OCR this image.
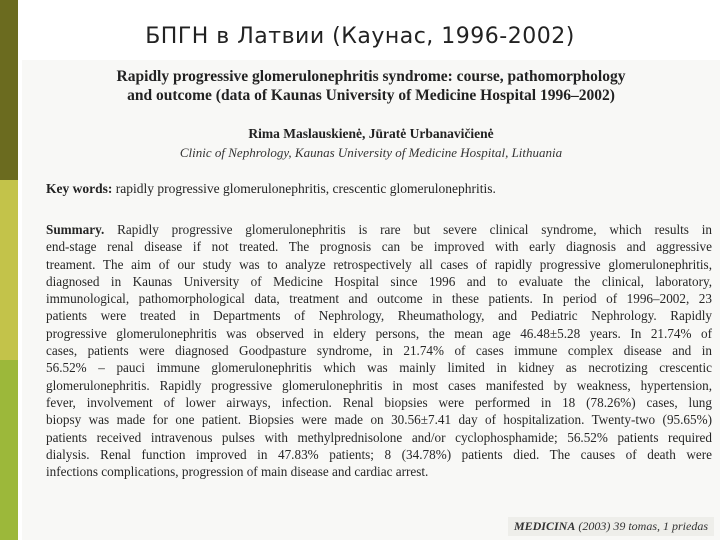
БПГН в Латвии (Каунас, 1996-2002)
Rapidly progressive glomerulonephritis syndrome: course, pathomorphology
and outcome (data of Kaunas University of Medicine Hospital 1996–2002)
Rima Maslauskienė, Jūratė Urbanavičienė
Clinic of Nephrology, Kaunas University of Medicine Hospital, Lithuania
Key words: rapidly progressive glomerulonephritis, crescentic glomerulonephritis.
Summary. Rapidly progressive glomerulonephritis is rare but severe clinical syndrome, which results in
end-stage renal disease if not treated. The prognosis can be improved with early diagnosis and aggressive
treament. The aim of our study was to analyze retrospectively all cases of rapidly progressive glomerulonephritis,
diagnosed in Kaunas University of Medicine Hospital since 1996 and to evaluate the clinical, laboratory,
immunological, pathomorphological data, treatment and outcome in these patients. In period of 1996–2002, 23
patients were treated in Departments of Nephrology, Rheumathology, and Pediatric Nephrology. Rapidly
progressive glomerulonephritis was observed in eldery persons, the mean age 46.48±5.28 years. In 21.74% of
cases, patients were diagnosed Goodpasture syndrome, in 21.74% of cases immune complex disease and in
56.52% – pauci immune glomerulonephritis which was mainly limited in kidney as necrotizing crescentic
glomerulonephritis. Rapidly progressive glomerulonephritis in most cases manifested by weakness, hypertension,
fever, involvement of lower airways, infection. Renal biopsies were performed in 18 (78.26%) cases, lung
biopsy was made for one patient. Biopsies were made on 30.56±7.41 day of hospitalization. Twenty-two (95.65%)
patients received intravenous pulses with methylprednisolone and/or cyclophosphamide; 56.52% patients required
dialysis. Renal function improved in 47.83% patients; 8 (34.78%) patients died. The causes of death were
infections complications, progression of main disease and cardiac arrest.
MEDICINA (2003) 39 tomas, 1 priedas
